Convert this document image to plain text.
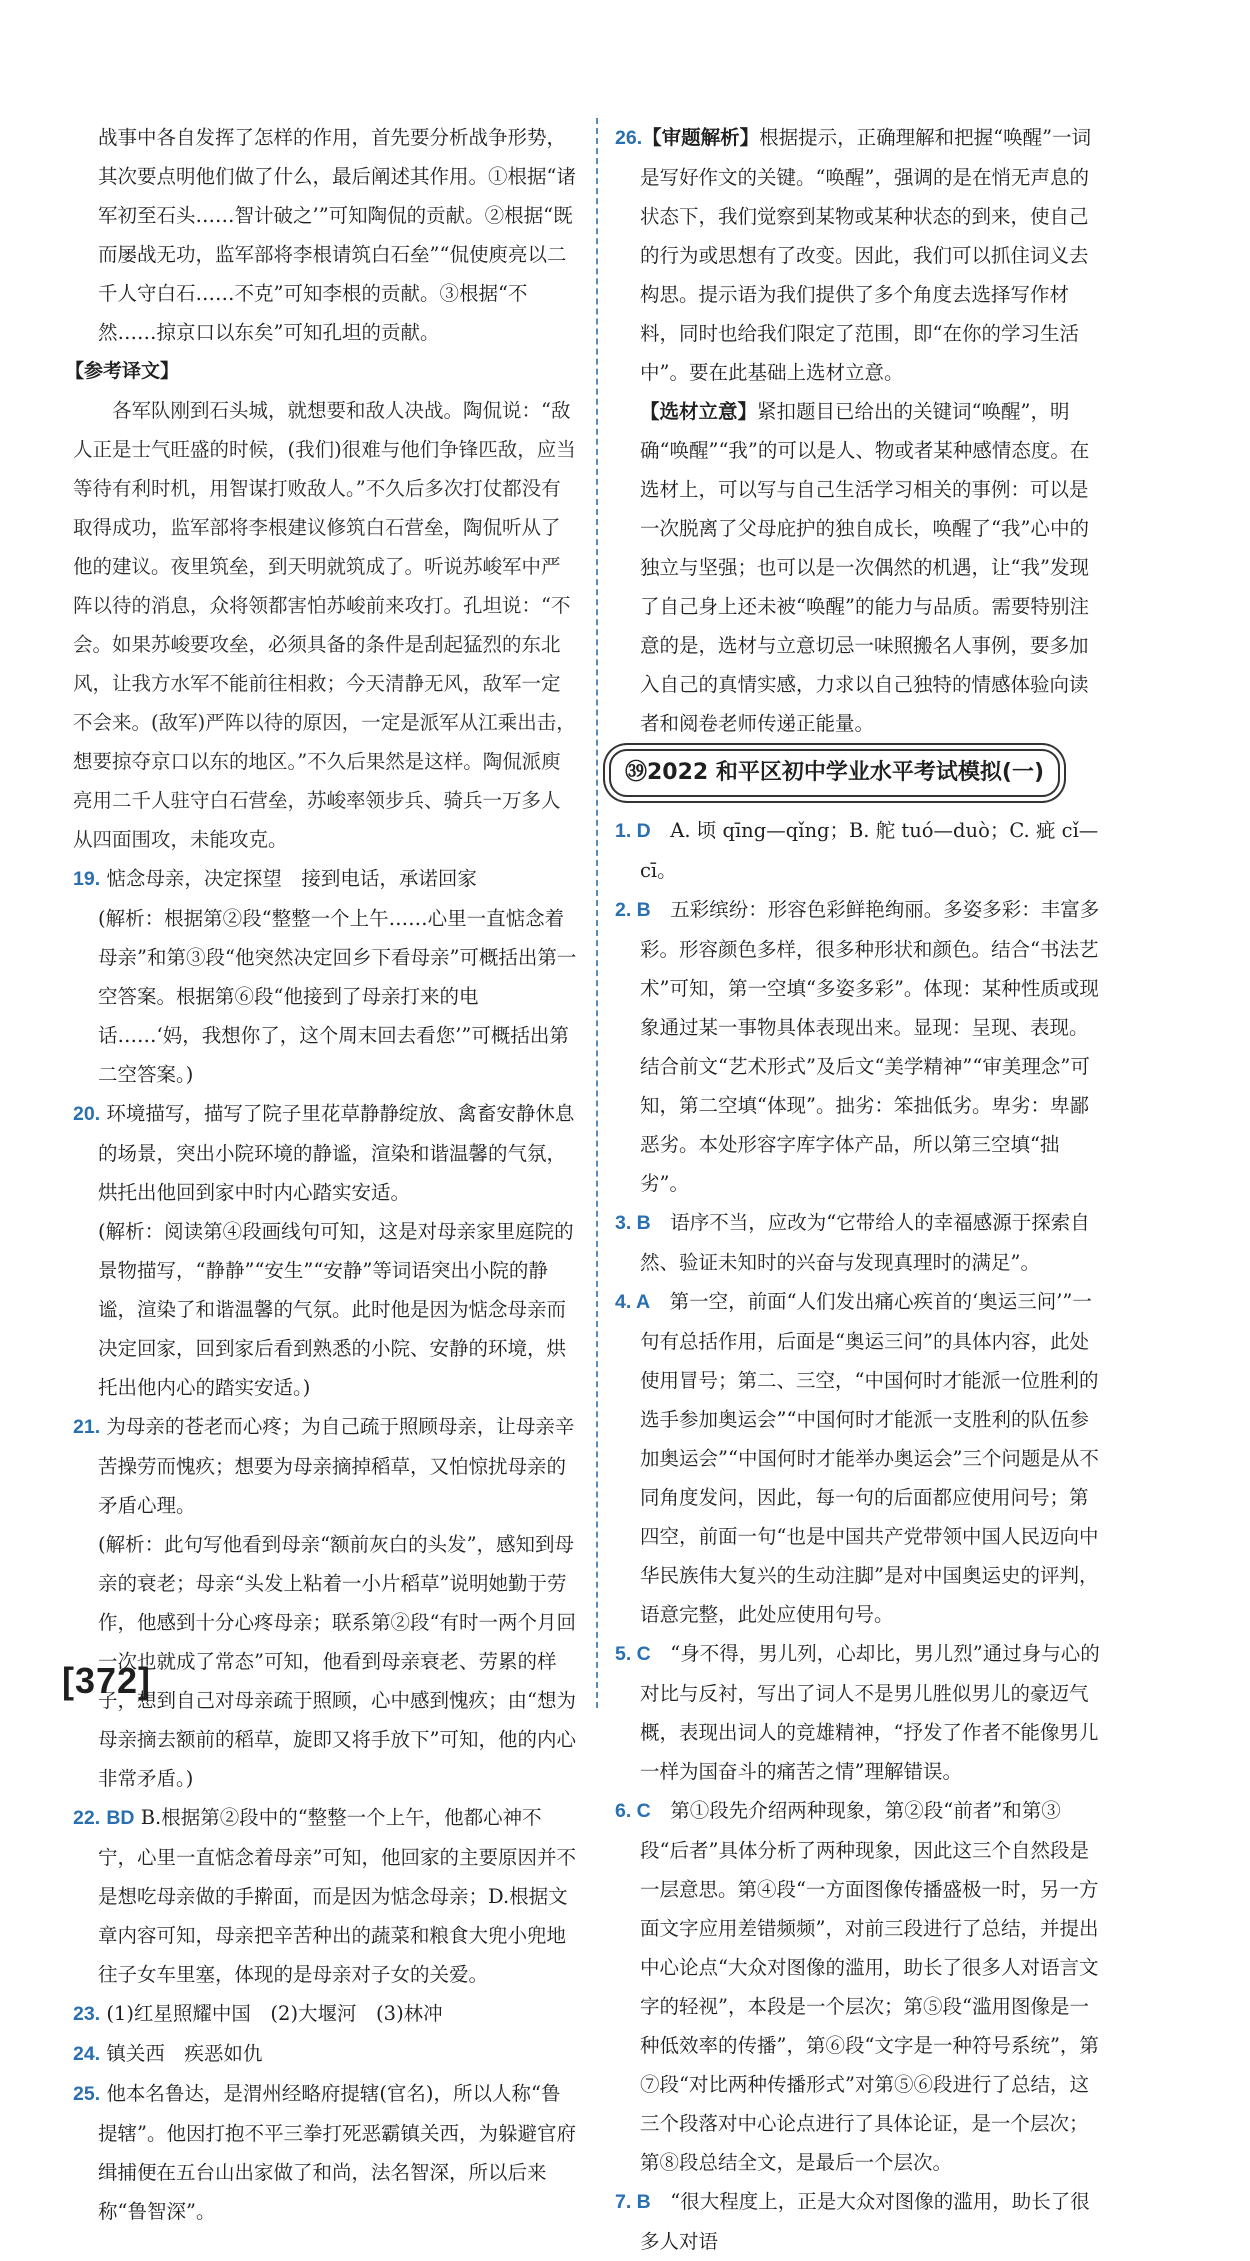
战事中各自发挥了怎样的作用，首先要分析战争形势，其次要点明他们做了什么，最后阐述其作用。①根据“诸军初至石头……智计破之’”可知陶侃的贡献。②根据“既而屡战无功，监军部将李根请筑白石垒”“侃使庾亮以二千人守白石……不克”可知李根的贡献。③根据“不然……掠京口以东矣”可知孔坦的贡献。

【参考译文】

各军队刚到石头城，就想要和敌人决战。陶侃说：“敌人正是士气旺盛的时候，(我们)很难与他们争锋匹敌，应当等待有利时机，用智谋打败敌人。”不久后多次打仗都没有取得成功，监军部将李根建议修筑白石营垒，陶侃听从了他的建议。夜里筑垒，到天明就筑成了。听说苏峻军中严阵以待的消息，众将领都害怕苏峻前来攻打。孔坦说：“不会。如果苏峻要攻垒，必须具备的条件是刮起猛烈的东北风，让我方水军不能前往相救；今天清静无风，敌军一定不会来。(敌军)严阵以待的原因，一定是派军从江乘出击，想要掠夺京口以东的地区。”不久后果然是这样。陶侃派庾亮用二千人驻守白石营垒，苏峻率领步兵、骑兵一万多人从四面围攻，未能攻克。

19. 惦念母亲，决定探望　接到电话，承诺回家

(解析：根据第②段“整整一个上午……心里一直惦念着母亲”和第③段“他突然决定回乡下看母亲”可概括出第一空答案。根据第⑥段“他接到了母亲打来的电话……‘妈，我想你了，这个周末回去看您’”可概括出第二空答案。)

20. 环境描写，描写了院子里花草静静绽放、禽畜安静休息的场景，突出小院环境的静谧，渲染和谐温馨的气氛，烘托出他回到家中时内心踏实安适。

(解析：阅读第④段画线句可知，这是对母亲家里庭院的景物描写，“静静”“安生”“安静”等词语突出小院的静谧，渲染了和谐温馨的气氛。此时他是因为惦念母亲而决定回家，回到家后看到熟悉的小院、安静的环境，烘托出他内心的踏实安适。)

21. 为母亲的苍老而心疼；为自己疏于照顾母亲，让母亲辛苦操劳而愧疚；想要为母亲摘掉稻草，又怕惊扰母亲的矛盾心理。

(解析：此句写他看到母亲“额前灰白的头发”，感知到母亲的衰老；母亲“头发上粘着一小片稻草”说明她勤于劳作，他感到十分心疼母亲；联系第②段“有时一两个月回一次也就成了常态”可知，他看到母亲衰老、劳累的样子，想到自己对母亲疏于照顾，心中感到愧疚；由“想为母亲摘去额前的稻草，旋即又将手放下”可知，他的内心非常矛盾。)

22. BD B.根据第②段中的“整整一个上午，他都心神不宁，心里一直惦念着母亲”可知，他回家的主要原因并不是想吃母亲做的手擀面，而是因为惦念母亲；D.根据文章内容可知，母亲把辛苦种出的蔬菜和粮食大兜小兜地往子女车里塞，体现的是母亲对子女的关爱。

23. (1)红星照耀中国　(2)大堰河　(3)林冲

24. 镇关西　疾恶如仇

25. 他本名鲁达，是渭州经略府提辖(官名)，所以人称“鲁提辖”。他因打抱不平三拳打死恶霸镇关西，为躲避官府缉捕便在五台山出家做了和尚，法名智深，所以后来称“鲁智深”。

26.【审题解析】根据提示，正确理解和把握“唤醒”一词是写好作文的关键。“唤醒”，强调的是在悄无声息的状态下，我们觉察到某物或某种状态的到来，使自己的行为或思想有了改变。因此，我们可以抓住词义去构思。提示语为我们提供了多个角度去选择写作材料，同时也给我们限定了范围，即“在你的学习生活中”。要在此基础上选材立意。

【选材立意】紧扣题目已给出的关键词“唤醒”，明确“唤醒”“我”的可以是人、物或者某种感情态度。在选材上，可以写与自己生活学习相关的事例：可以是一次脱离了父母庇护的独自成长，唤醒了“我”心中的独立与坚强；也可以是一次偶然的机遇，让“我”发现了自己身上还未被“唤醒”的能力与品质。需要特别注意的是，选材与立意切忌一味照搬名人事例，要多加入自己的真情实感，力求以自己独特的情感体验向读者和阅卷老师传递正能量。

㊴2022 和平区初中学业水平考试模拟(一)

1. D　 A. 顷 qīng—qǐng；B. 舵 tuó—duò；C. 疵 cǐ—cī。

2. B　 五彩缤纷：形容色彩鲜艳绚丽。多姿多彩：丰富多彩。形容颜色多样，很多种形状和颜色。结合“书法艺术”可知，第一空填“多姿多彩”。体现：某种性质或现象通过某一事物具体表现出来。显现：呈现、表现。结合前文“艺术形式”及后文“美学精神”“审美理念”可知，第二空填“体现”。拙劣：笨拙低劣。卑劣：卑鄙恶劣。本处形容字库字体产品，所以第三空填“拙劣”。

3. B　 语序不当，应改为“它带给人的幸福感源于探索自然、验证未知时的兴奋与发现真理时的满足”。

4. A　 第一空，前面“人们发出痛心疾首的‘奥运三问’”一句有总括作用，后面是“奥运三问”的具体内容，此处使用冒号；第二、三空，“中国何时才能派一位胜利的选手参加奥运会”“中国何时才能派一支胜利的队伍参加奥运会”“中国何时才能举办奥运会”三个问题是从不同角度发问，因此，每一句的后面都应使用问号；第四空，前面一句“也是中国共产党带领中国人民迈向中华民族伟大复兴的生动注脚”是对中国奥运史的评判，语意完整，此处应使用句号。

5. C　 “身不得，男儿列，心却比，男儿烈”通过身与心的对比与反衬，写出了词人不是男儿胜似男儿的豪迈气概，表现出词人的竞雄精神，“抒发了作者不能像男儿一样为国奋斗的痛苦之情”理解错误。

6. C　 第①段先介绍两种现象，第②段“前者”和第③段“后者”具体分析了两种现象，因此这三个自然段是一层意思。第④段“一方面图像传播盛极一时，另一方面文字应用差错频频”，对前三段进行了总结，并提出中心论点“大众对图像的滥用，助长了很多人对语言文字的轻视”，本段是一个层次；第⑤段“滥用图像是一种低效率的传播”，第⑥段“文字是一种符号系统”，第⑦段“对比两种传播形式”对第⑤⑥段进行了总结，这三个段落对中心论点进行了具体论证，是一个层次；第⑧段总结全文，是最后一个层次。

7. B　 “很大程度上，正是大众对图像的滥用，助长了很多人对语

[372]
